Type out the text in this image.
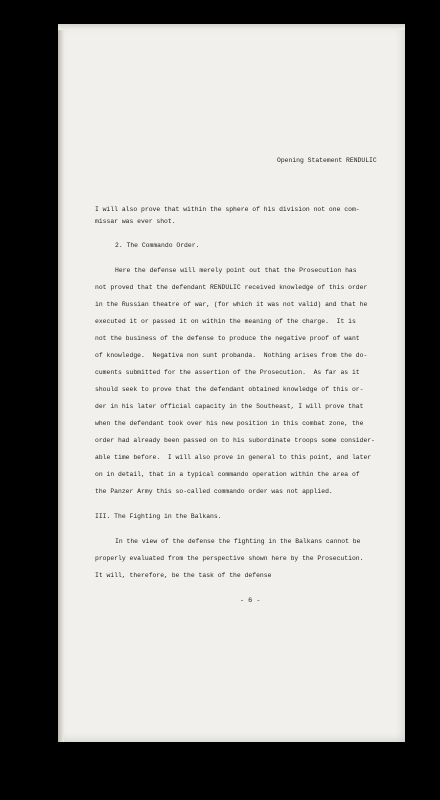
Opening Statement RENDULIC
I will also prove that within the sphere of his division not one com-
missar was ever shot.
2. The Commando Order.
Here the defense will merely point out that the Prosecution has
not proved that the defendant RENDULIC received knowledge of this order
in the Russian theatre of war, (for which it was not valid) and that he
executed it or passed it on within the meaning of the charge.  It is
not the business of the defense to produce the negative proof of want
of knowledge.  Negativa non sunt probanda.  Nothing arises from the do-
cuments submitted for the assertion of the Prosecution.  As far as it
should seek to prove that the defendant obtained knowledge of this or-
der in his later official capacity in the Southeast, I will prove that
when the defendant took over his new position in this combat zone, the
order had already been passed on to his subordinate troops some consider-
able time before.  I will also prove in general to this point, and later
on in detail, that in a typical commando operation within the area of
the Panzer Army this so-called commando order was not applied.
III. The Fighting in the Balkans.
In the view of the defense the fighting in the Balkans cannot be
properly evaluated from the perspective shown here by the Prosecution.
It will, therefore, be the task of the defense
- 6 -
